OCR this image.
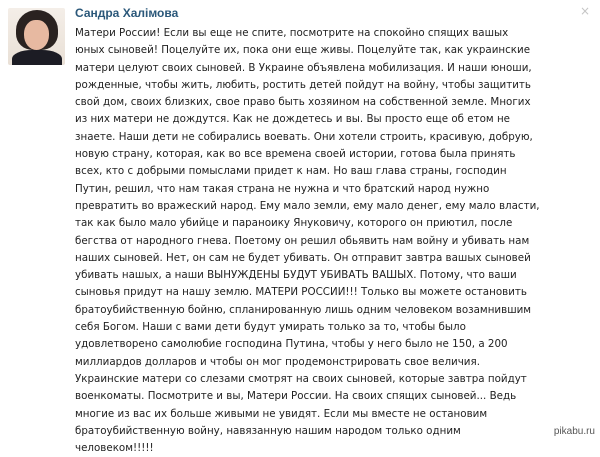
Сандра Халімова	×
Матери России! Если вы еще не спите, посмотрите на спокойно спящих вашых
юных сыновей! Поцелуйте их, пока они еще живы. Поцелуйте так, как украинские
матери целуют своих сыновей. В Украине объявлена мобилизация. И наши юноши,
рожденные, чтобы жить, любить, ростить детей пойдут на войну, чтобы защитить
свой дом, своих близких, свое право быть хозяином на собственной земле. Многих
из них матери не дождутся. Как не дождетесь и вы. Вы просто еще об етом не
знаете. Наши дети не собирались воевать. Они хотели строить, красивую, добрую,
новую страну, которая, как во все времена своей истории, готова была принять
всех, кто с добрыми помыслами придет к нам. Но ваш глава страны, господин
Путин, решил, что нам такая страна не нужна и что братский народ нужно
превратить во вражеский народ. Ему мало земли, ему мало денег, ему мало власти,
так как было мало убийце и параноику Януковичу, которого он приютил, после
бегства от народного гнева. Поетому он решил обьявить нам войну и убивать нам
наших сыновей. Нет, он сам не будет убивать. Он отправит завтра вашых сыновей
убивать нашых, а наши ВЫНУЖДЕНЫ БУДУТ УБИВАТЬ ВАШЫХ. Потому, что ваши
сыновья придут на нашу землю. МАТЕРИ РОССИИ!!! Только вы можете остановить
братоубийственную бойню, спланированную лишь одним человеком возамнившим
себя Богом. Наши с вами дети будут умирать только за то, чтобы было
удовлетворено самолюбие господина Путина, чтобы у него было не 150, а 200
миллиардов долларов и чтобы он мог продемонстрировать свое величия.
Украинские матери со слезами смотрят на своих сыновей, которые завтра пойдут
военкоматы. Посмотрите и вы, Матери России. На своих спящих сыновей... Ведь
многие из вас их больше живыми не увидят. Если мы вместе не остановим
братоубийственную войну, навязанную нашим народом только одним
человеком!!!!!
pikabu.ru
